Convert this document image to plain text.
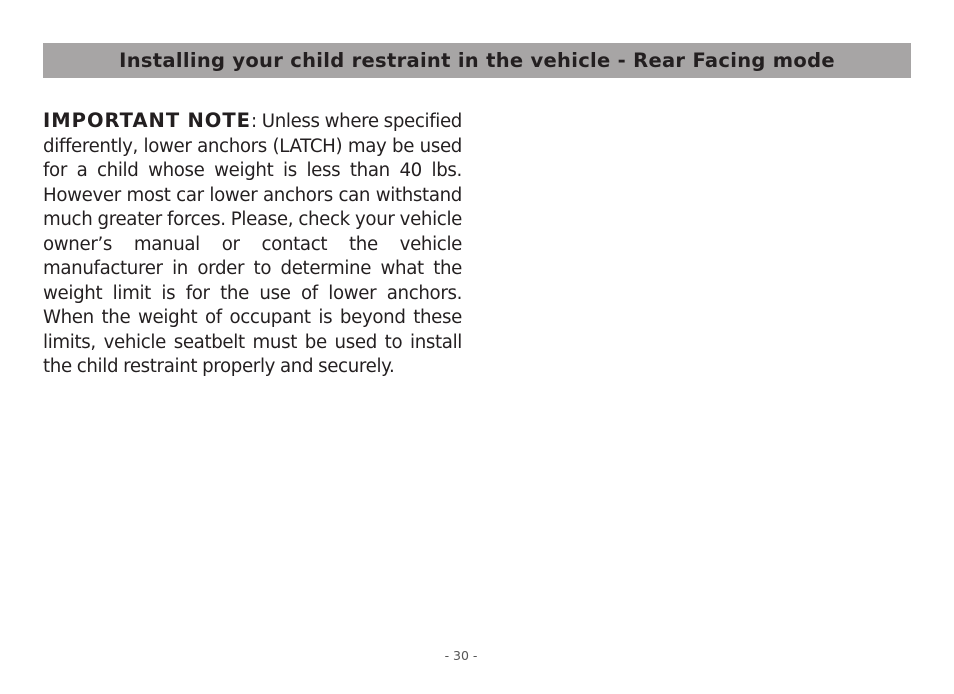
Installing your child restraint in the vehicle - Rear Facing mode

IMPORTANT NOTE: Unless where specified differently, lower anchors (LATCH) may be used for a child whose weight is less than 40 lbs. However most car lower anchors can withstand much greater forces. Please, check your vehicle owner’s manual or contact the vehicle manufacturer in order to determine what the weight limit is for the use of lower anchors. When the weight of occupant is beyond these limits, vehicle seatbelt must be used to install the child restraint properly and securely.

- 30 -
